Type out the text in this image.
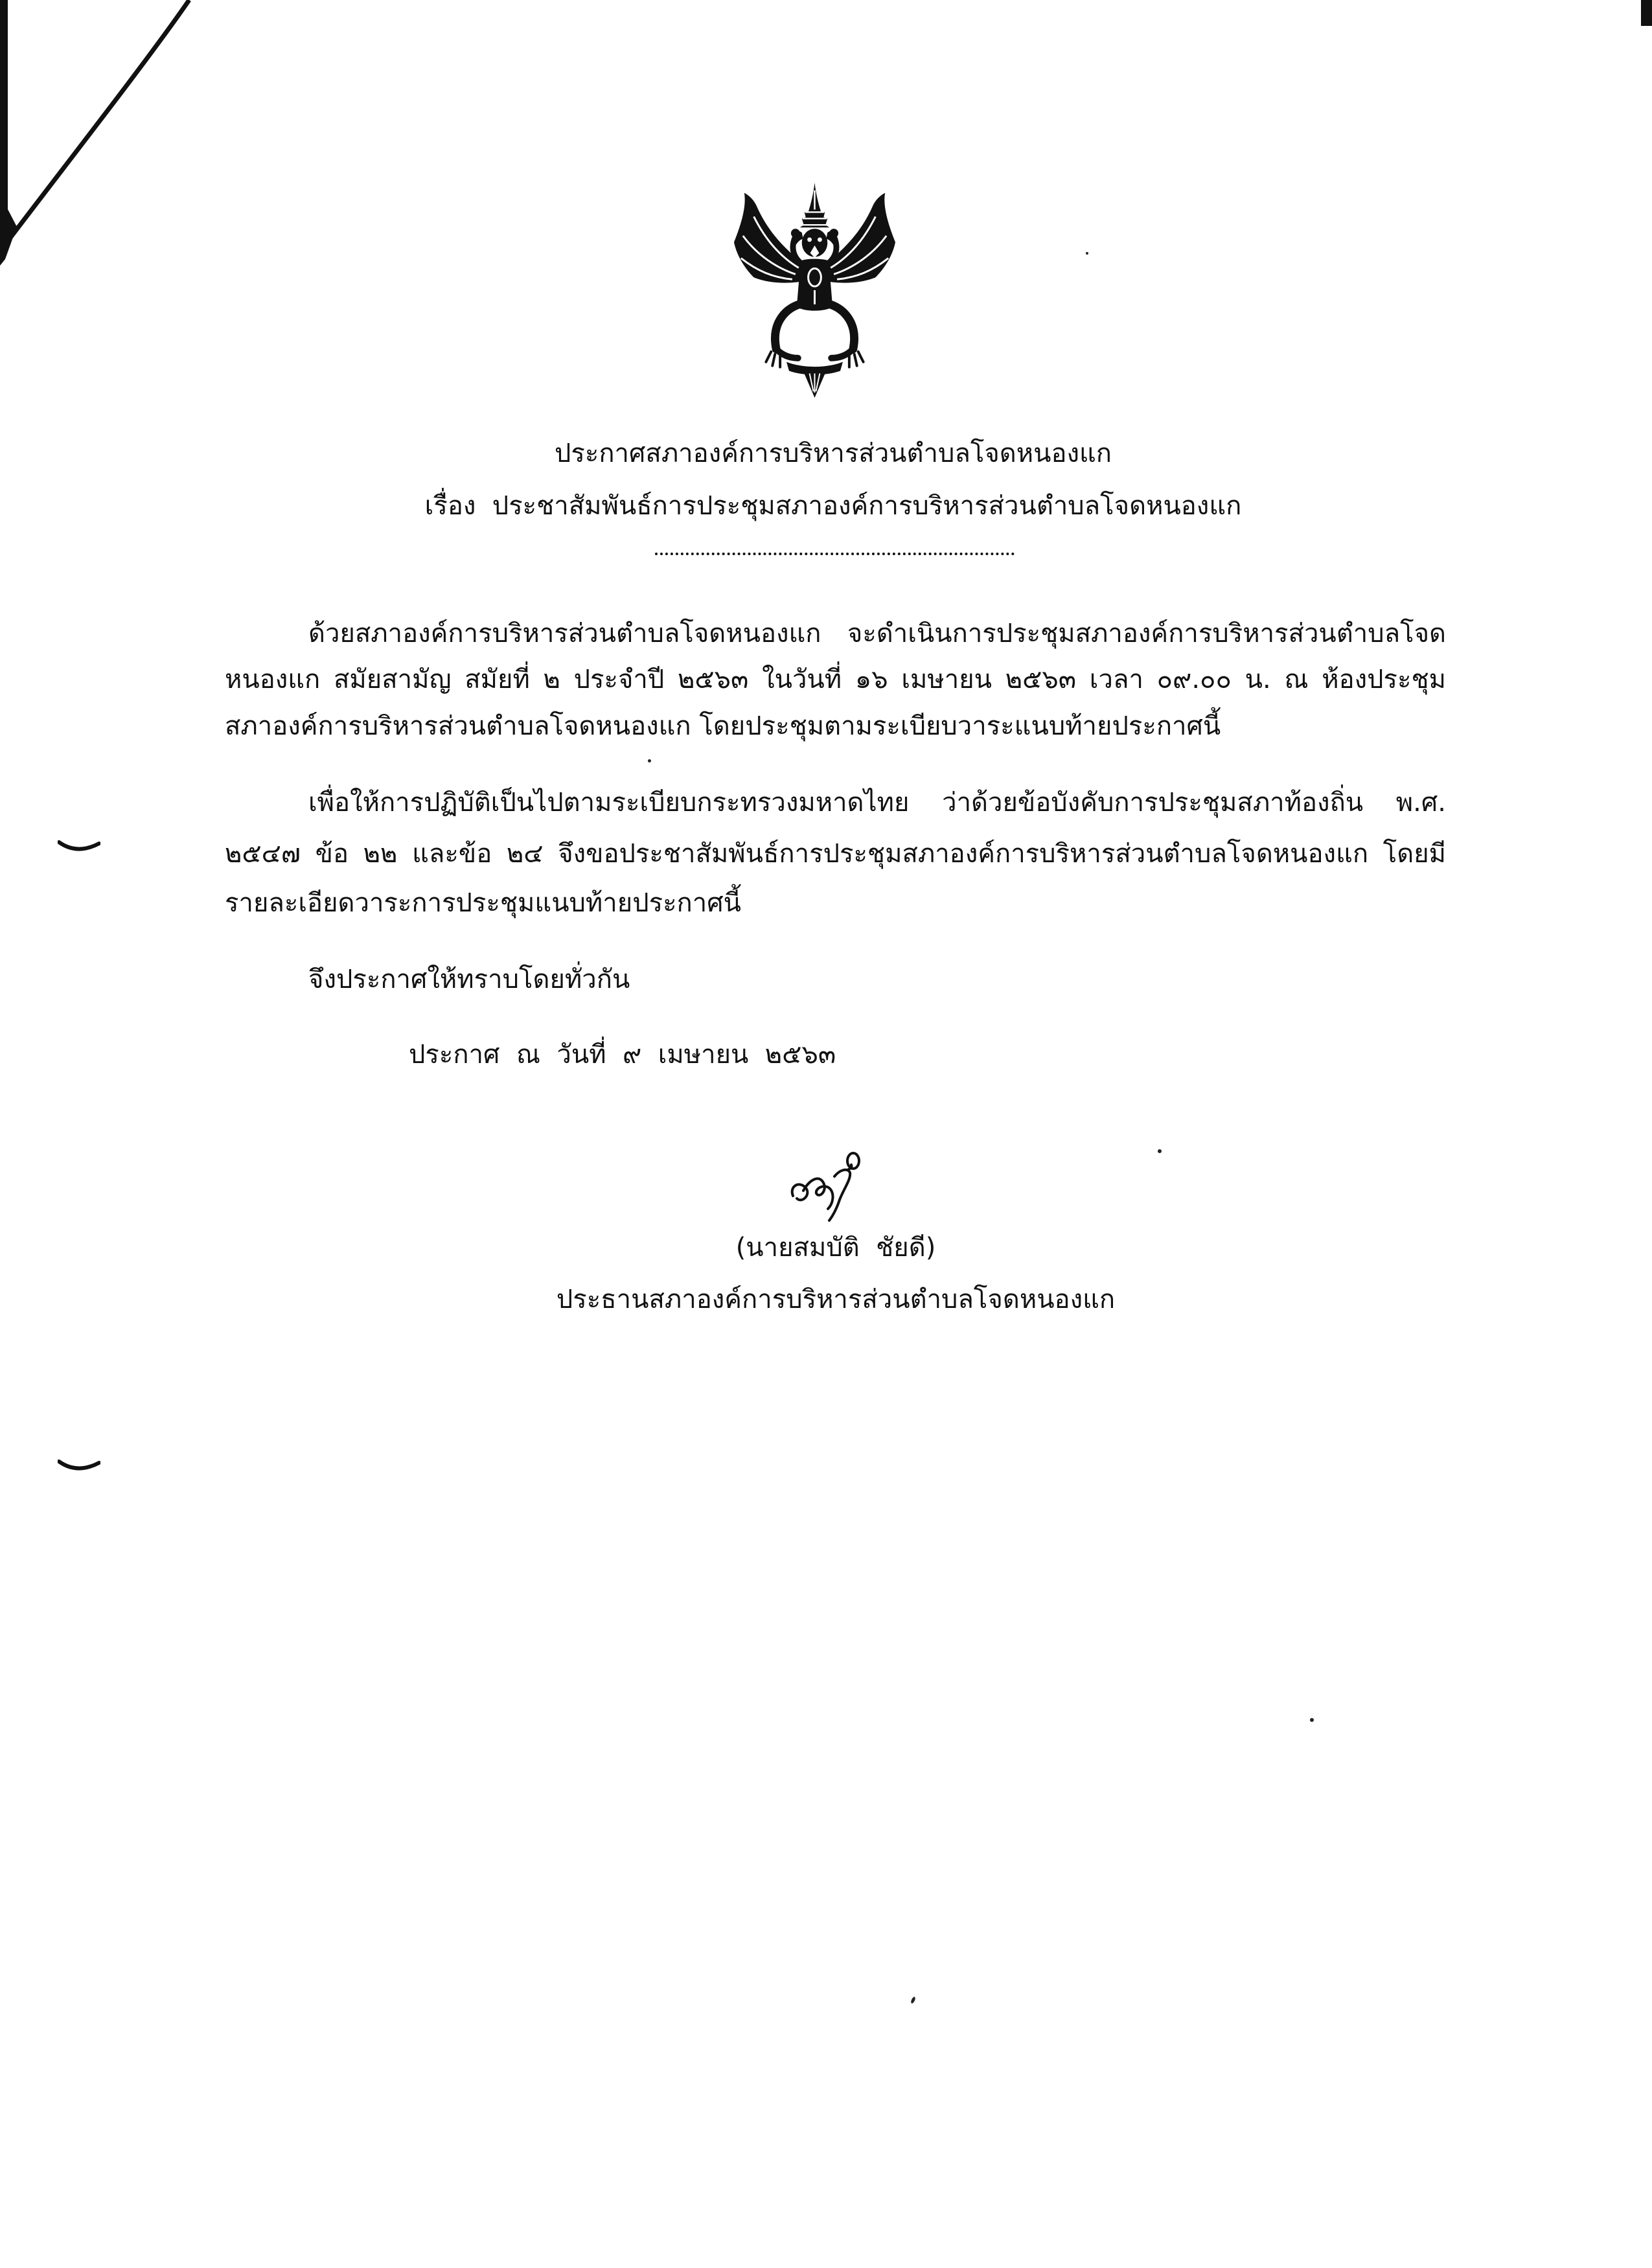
ประกาศสภาองค์การบริหารส่วนตำบลโจดหนองแก
เรื่อง  ประชาสัมพันธ์การประชุมสภาองค์การบริหารส่วนตำบลโจดหนองแก
ด้วยสภาองค์การบริหารส่วนตำบลโจดหนองแก จะดำเนินการประชุมสภาองค์การบริหารส่วนตำบลโจด
หนองแก สมัยสามัญ สมัยที่ ๒ ประจำปี ๒๕๖๓ ในวันที่ ๑๖ เมษายน ๒๕๖๓ เวลา ๐๙.๐๐ น. ณ ห้องประชุม
สภาองค์การบริหารส่วนตำบลโจดหนองแก โดยประชุมตามระเบียบวาระแนบท้ายประกาศนี้
เพื่อให้การปฏิบัติเป็นไปตามระเบียบกระทรวงมหาดไทย ว่าด้วยข้อบังคับการประชุมสภาท้องถิ่น พ.ศ.
๒๕๔๗ ข้อ ๒๒ และข้อ ๒๔ จึงขอประชาสัมพันธ์การประชุมสภาองค์การบริหารส่วนตำบลโจดหนองแก โดยมี
รายละเอียดวาระการประชุมแนบท้ายประกาศนี้
จึงประกาศให้ทราบโดยทั่วกัน
ประกาศ  ณ  วันที่  ๙  เมษายน  ๒๕๖๓
(นายสมบัติ  ชัยดี)
ประธานสภาองค์การบริหารส่วนตำบลโจดหนองแก
